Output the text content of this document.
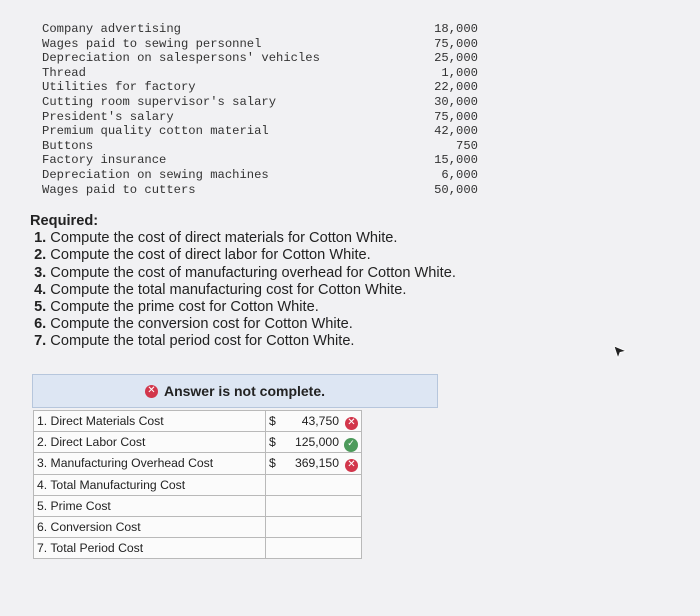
Company advertising	18,000
Wages paid to sewing personnel	75,000
Depreciation on salespersons' vehicles	25,000
Thread	1,000
Utilities for factory	22,000
Cutting room supervisor's salary	30,000
President's salary	75,000
Premium quality cotton material	42,000
Buttons	750
Factory insurance	15,000
Depreciation on sewing machines	6,000
Wages paid to cutters	50,000
Required:
1. Compute the cost of direct materials for Cotton White.
2. Compute the cost of direct labor for Cotton White.
3. Compute the cost of manufacturing overhead for Cotton White.
4. Compute the total manufacturing cost for Cotton White.
5. Compute the prime cost for Cotton White.
6. Compute the conversion cost for Cotton White.
7. Compute the total period cost for Cotton White.
✕ Answer is not complete.
1. Direct Materials Cost	$ 43,750 ✕

2. Direct Labor Cost	$ 125,000 ✓

3. Manufacturing Overhead Cost	$ 369,150 ✕

4. Total Manufacturing Cost	

5. Prime Cost	

6. Conversion Cost	

7. Total Period Cost	
